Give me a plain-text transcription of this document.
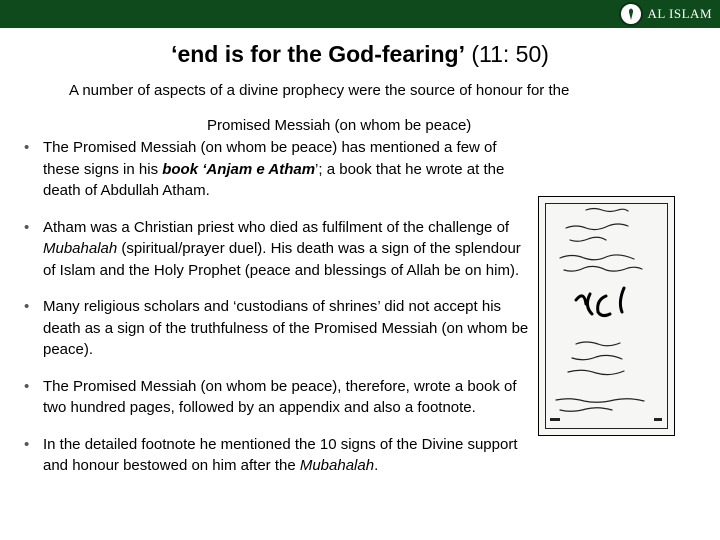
AL ISLAM
‘end is for the God-fearing’ (11: 50)
A number of aspects of a divine prophecy were the source of honour for the
Promised Messiah (on whom be peace)

• The Promised Messiah (on whom be peace) has mentioned a few of these signs in his book ‘Anjam e Atham’; a book that he wrote at the death of Abdullah Atham.

• Atham was a Christian priest who died as fulfilment of the challenge of Mubahalah (spiritual/prayer duel). His death was a sign of the splendour of Islam and the Holy Prophet (peace and blessings of Allah be on him).

• Many religious scholars and ‘custodians of shrines’ did not accept his death as a sign of the truthfulness of the Promised Messiah (on whom be peace).

• The Promised Messiah (on whom be peace), therefore, wrote a book of two hundred pages, followed by an appendix and also a footnote.

• In the detailed footnote he mentioned the 10 signs of the Divine support and honour bestowed on him after the Mubahalah.
